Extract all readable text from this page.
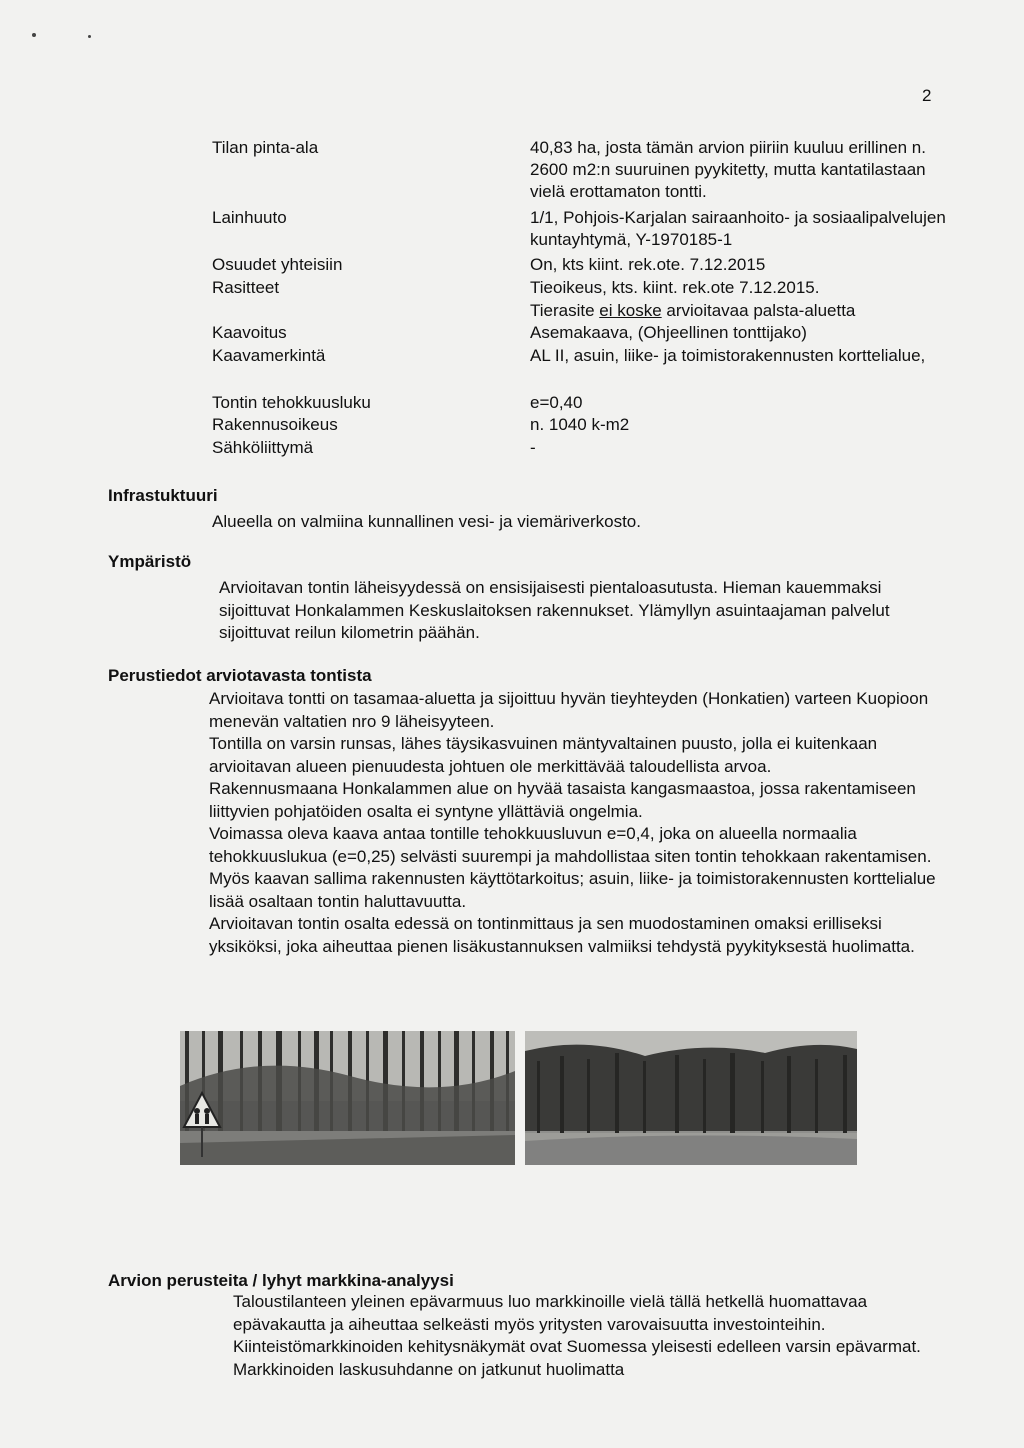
2
Tilan pinta-ala	40,83 ha, josta tämän arvion piiriin kuuluu erillinen n. 2600 m2:n suuruinen pyykitetty, mutta kantatilastaan vielä erottamaton tontti.
Lainhuuto	1/1, Pohjois-Karjalan sairaanhoito- ja sosiaalipalvelujen kuntayhtymä, Y-1970185-1
Osuudet yhteisiin	On, kts kiint. rek.ote. 7.12.2015
Rasitteet	Tieoikeus, kts. kiint. rek.ote 7.12.2015.
Tierasite ei koske arvioitavaa palsta-aluetta
Kaavoitus	Asemakaava, (Ohjeellinen tonttijako)
Kaavamerkintä	AL II, asuin, liike- ja toimistorakennusten korttelialue,
Tontin tehokkuusluku	e=0,40
Rakennusoikeus	n. 1040 k-m2
Sähköliittymä	-
Infrastuktuuri
Alueella on valmiina kunnallinen vesi- ja viemäriverkosto.
Ympäristö
Arvioitavan tontin läheisyydessä on ensisijaisesti pientaloasutusta. Hieman kauemmaksi sijoittuvat Honkalammen Keskuslaitoksen rakennukset. Ylämyllyn asuintaajaman palvelut sijoittuvat reilun kilometrin päähän.
Perustiedot arviotavasta tontista
Arvioitava tontti on tasamaa-aluetta ja sijoittuu hyvän tieyhteyden (Honkatien) varteen Kuopioon menevän valtatien nro 9 läheisyyteen.
Tontilla on varsin runsas, lähes täysikasvuinen mäntyvaltainen puusto, jolla ei kuitenkaan arvioitavan alueen pienuudesta johtuen ole merkittävää taloudellista arvoa.
Rakennusmaana Honkalammen alue on hyvää tasaista kangasmaastoa, jossa rakentamiseen liittyvien pohjatöiden osalta ei syntyne yllättäviä ongelmia.
Voimassa oleva kaava antaa tontille tehokkuusluvun e=0,4, joka on alueella normaalia tehokkuuslukua (e=0,25) selvästi suurempi ja mahdollistaa siten tontin tehokkaan rakentamisen. Myös kaavan sallima rakennusten käyttötarkoitus; asuin, liike- ja toimistorakennusten korttelialue lisää osaltaan tontin haluttavuutta.
Arvioitavan tontin osalta edessä on tontinmittaus ja sen muodostaminen omaksi erilliseksi yksiköksi, joka aiheuttaa pienen lisäkustannuksen valmiiksi tehdystä pyykityksestä huolimatta.
Arvion perusteita / lyhyt markkina-analyysi
Taloustilanteen yleinen epävarmuus luo markkinoille vielä tällä hetkellä huomattavaa epävakautta ja aiheuttaa selkeästi myös yritysten varovaisuutta investointeihin. Kiinteistömarkkinoiden kehitysnäkymät ovat Suomessa yleisesti edelleen varsin epävarmat. Markkinoiden laskusuhdanne on jatkunut huolimatta
